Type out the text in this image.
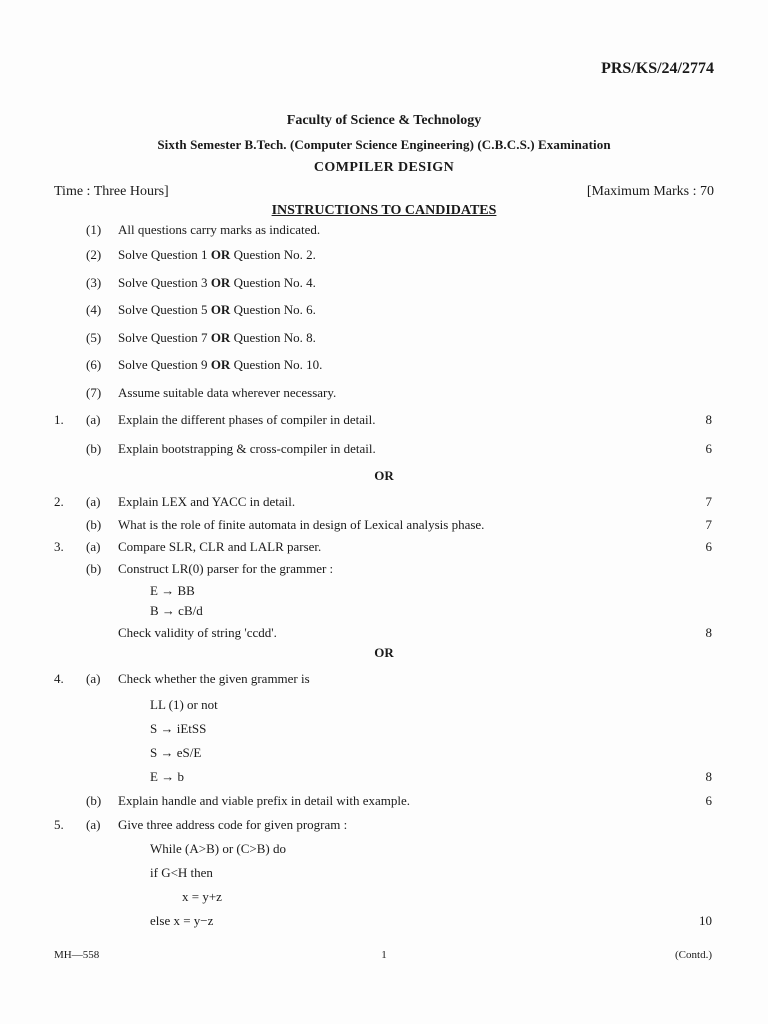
PRS/KS/24/2774
Faculty of Science & Technology
Sixth Semester B.Tech. (Computer Science Engineering) (C.B.C.S.) Examination
COMPILER DESIGN
Time : Three Hours]	[Maximum Marks : 70
INSTRUCTIONS TO CANDIDATES
(1) All questions carry marks as indicated.
(2) Solve Question 1 OR Question No. 2.
(3) Solve Question 3 OR Question No. 4.
(4) Solve Question 5 OR Question No. 6.
(5) Solve Question 7 OR Question No. 8.
(6) Solve Question 9 OR Question No. 10.
(7) Assume suitable data wherever necessary.
1. (a) Explain the different phases of compiler in detail.	8
(b) Explain bootstrapping & cross-compiler in detail.	6
OR
2. (a) Explain LEX and YACC in detail.	7
(b) What is the role of finite automata in design of Lexical analysis phase.	7
3. (a) Compare SLR, CLR and LALR parser.	6
(b) Construct LR(0) parser for the grammer :
E → BB
B → cB/d
Check validity of string 'ccdd'.	8
OR
4. (a) Check whether the given grammer is
LL (1) or not
S → iEtSS
S → eS/E
E → b	8
(b) Explain handle and viable prefix in detail with example.	6
5. (a) Give three address code for given program :
While (A>B) or (C>B) do
if G<H then
x = y+z
else x = y−z	10
MH—558	1	(Contd.)
